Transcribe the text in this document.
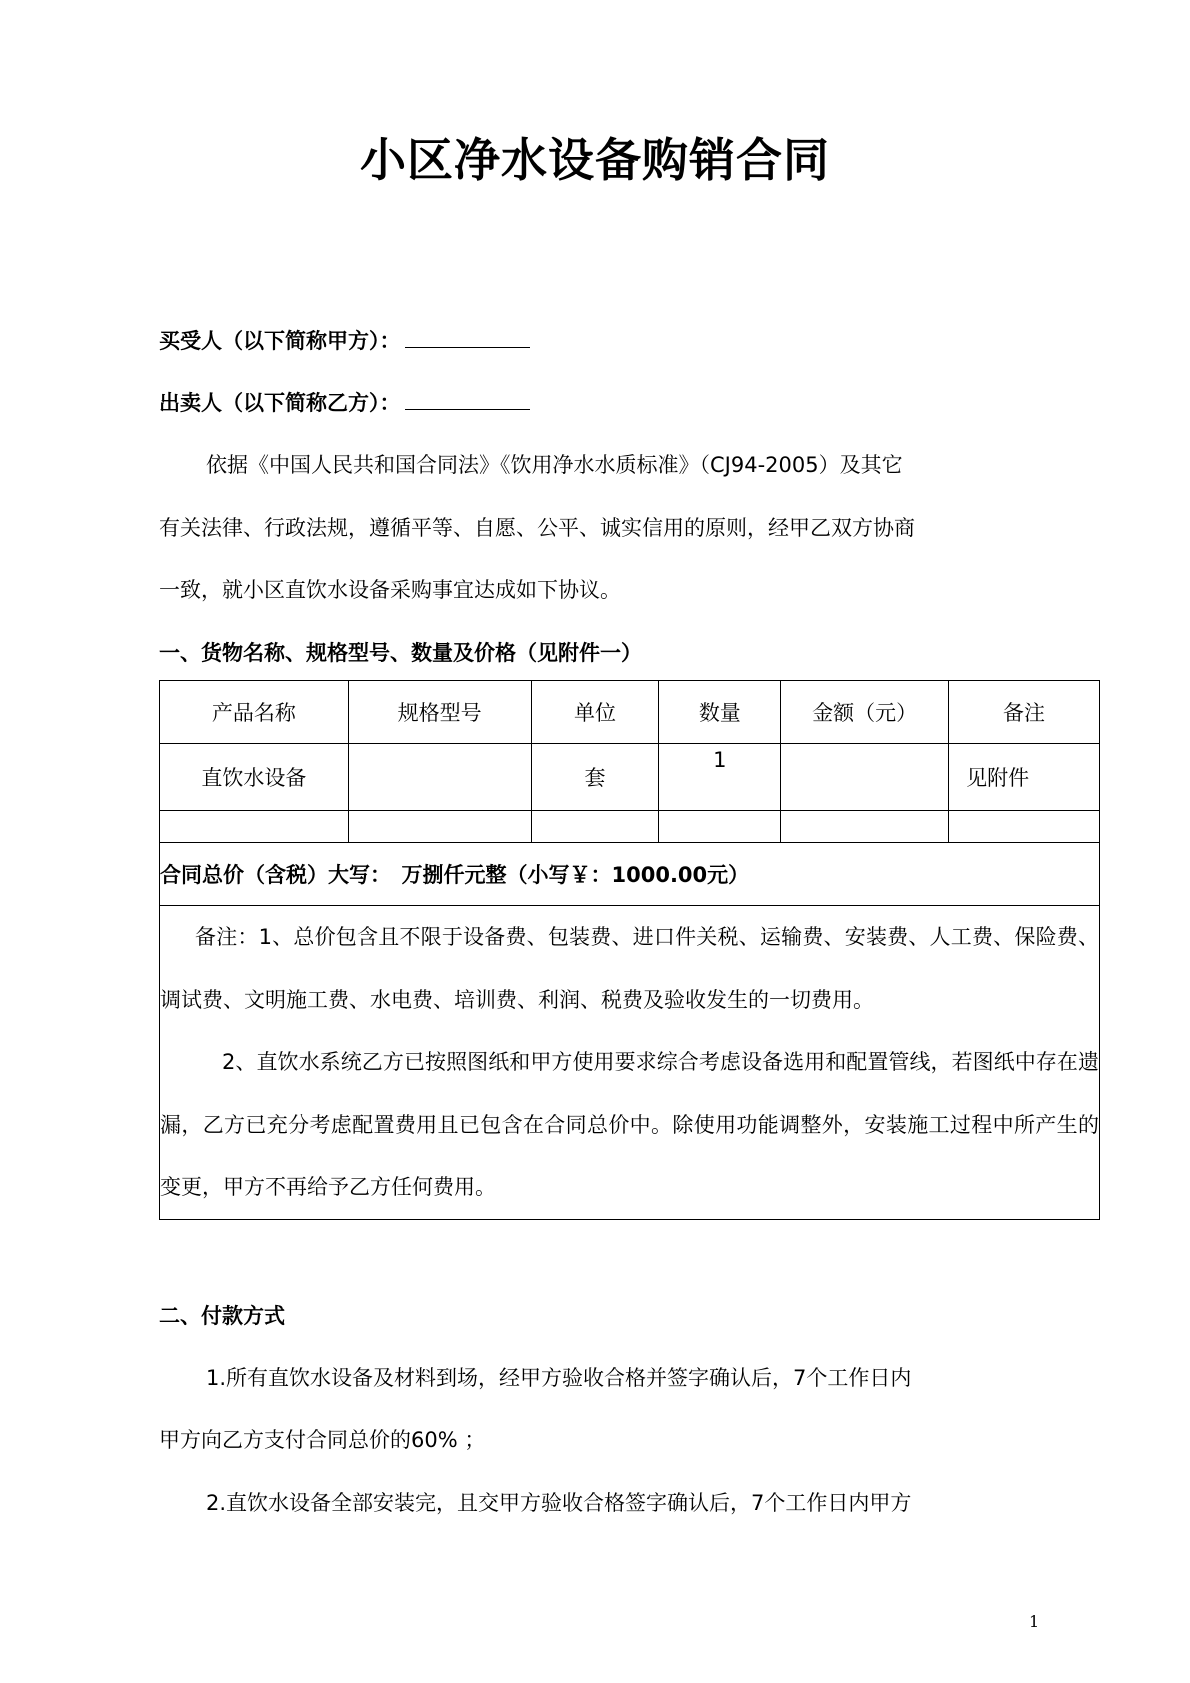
小区净水设备购销合同
买受人（以下简称甲方）：
出卖人（以下简称乙方）：
依据《中国人民共和国合同法》《饮用净水水质标准》（CJ94-2005）及其它
有关法律、行政法规，遵循平等、自愿、公平、诚实信用的原则，经甲乙双方协商
一致，就小区直饮水设备采购事宜达成如下协议。
一、货物名称、规格型号、数量及价格（见附件一）
产品名称	规格型号	单位	数量	金额（元）	备注
直饮水设备		套	1		见附件

合同总价（含税）大写：　万捌仟元整（小写￥：1000.00元）					

备注：1、总价包含且不限于设备费、包装费、进口件关税、运输费、安装费、人工费、保险费、调试费、文明施工费、水电费、培训费、利润、税费及验收发生的一切费用。

2、直饮水系统乙方已按照图纸和甲方使用要求综合考虑设备选用和配置管线，若图纸中存在遗漏，乙方已充分考虑配置费用且已包含在合同总价中。除使用功能调整外，安装施工过程中所产生的变更，甲方不再给予乙方任何费用。					

二、付款方式
1.所有直饮水设备及材料到场，经甲方验收合格并签字确认后，7个工作日内
甲方向乙方支付合同总价的60% ；
2.直饮水设备全部安装完，且交甲方验收合格签字确认后，7个工作日内甲方
1
